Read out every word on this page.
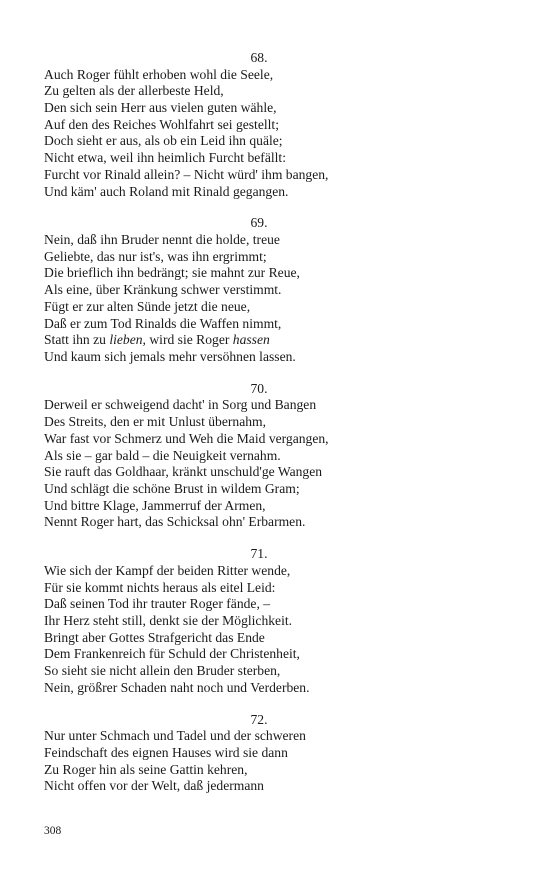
68.
Auch Roger fühlt erhoben wohl die Seele,
Zu gelten als der allerbeste Held,
Den sich sein Herr aus vielen guten wähle,
Auf den des Reiches Wohlfahrt sei gestellt;
Doch sieht er aus, als ob ein Leid ihn quäle;
Nicht etwa, weil ihn heimlich Furcht befällt:
Furcht vor Rinald allein? – Nicht würd' ihm bangen,
Und käm' auch Roland mit Rinald gegangen.
69.
Nein, daß ihn Bruder nennt die holde, treue
Geliebte, das nur ist's, was ihn ergrimmt;
Die brieflich ihn bedrängt; sie mahnt zur Reue,
Als eine, über Kränkung schwer verstimmt.
Fügt er zur alten Sünde jetzt die neue,
Daß er zum Tod Rinalds die Waffen nimmt,
Statt ihn zu lieben, wird sie Roger hassen
Und kaum sich jemals mehr versöhnen lassen.
70.
Derweil er schweigend dacht' in Sorg und Bangen
Des Streits, den er mit Unlust übernahm,
War fast vor Schmerz und Weh die Maid vergangen,
Als sie – gar bald – die Neuigkeit vernahm.
Sie rauft das Goldhaar, kränkt unschuld'ge Wangen
Und schlägt die schöne Brust in wildem Gram;
Und bittre Klage, Jammerruf der Armen,
Nennt Roger hart, das Schicksal ohn' Erbarmen.
71.
Wie sich der Kampf der beiden Ritter wende,
Für sie kommt nichts heraus als eitel Leid:
Daß seinen Tod ihr trauter Roger fände, –
Ihr Herz steht still, denkt sie der Möglichkeit.
Bringt aber Gottes Strafgericht das Ende
Dem Frankenreich für Schuld der Christenheit,
So sieht sie nicht allein den Bruder sterben,
Nein, größrer Schaden naht noch und Verderben.
72.
Nur unter Schmach und Tadel und der schweren
Feindschaft des eignen Hauses wird sie dann
Zu Roger hin als seine Gattin kehren,
Nicht offen vor der Welt, daß jedermann
308
